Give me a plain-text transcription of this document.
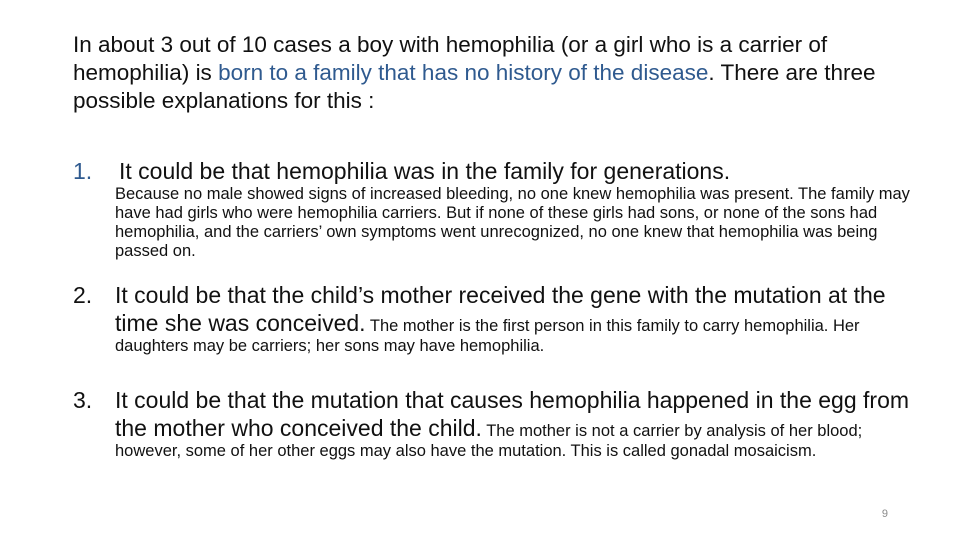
In about 3 out of 10 cases a boy with hemophilia (or a girl who is a carrier of hemophilia) is born to a family that has no history of the disease. There are three possible explanations for this :

1. It could be that hemophilia was in the family for generations.
Because no male showed signs of increased bleeding, no one knew hemophilia was present. The family may have had girls who were hemophilia carriers. But if none of these girls had sons, or none of the sons had hemophilia, and the carriers’ own symptoms went unrecognized, no one knew that hemophilia was being passed on.
2. It could be that the child’s mother received the gene with the mutation at the time she was conceived. The mother is the first person in this family to carry hemophilia. Her daughters may be carriers; her sons may have hemophilia.
3. It could be that the mutation that causes hemophilia happened in the egg from the mother who conceived the child. The mother is not a carrier by analysis of her blood; however, some of her other eggs may also have the mutation. This is called gonadal mosaicism.
9
